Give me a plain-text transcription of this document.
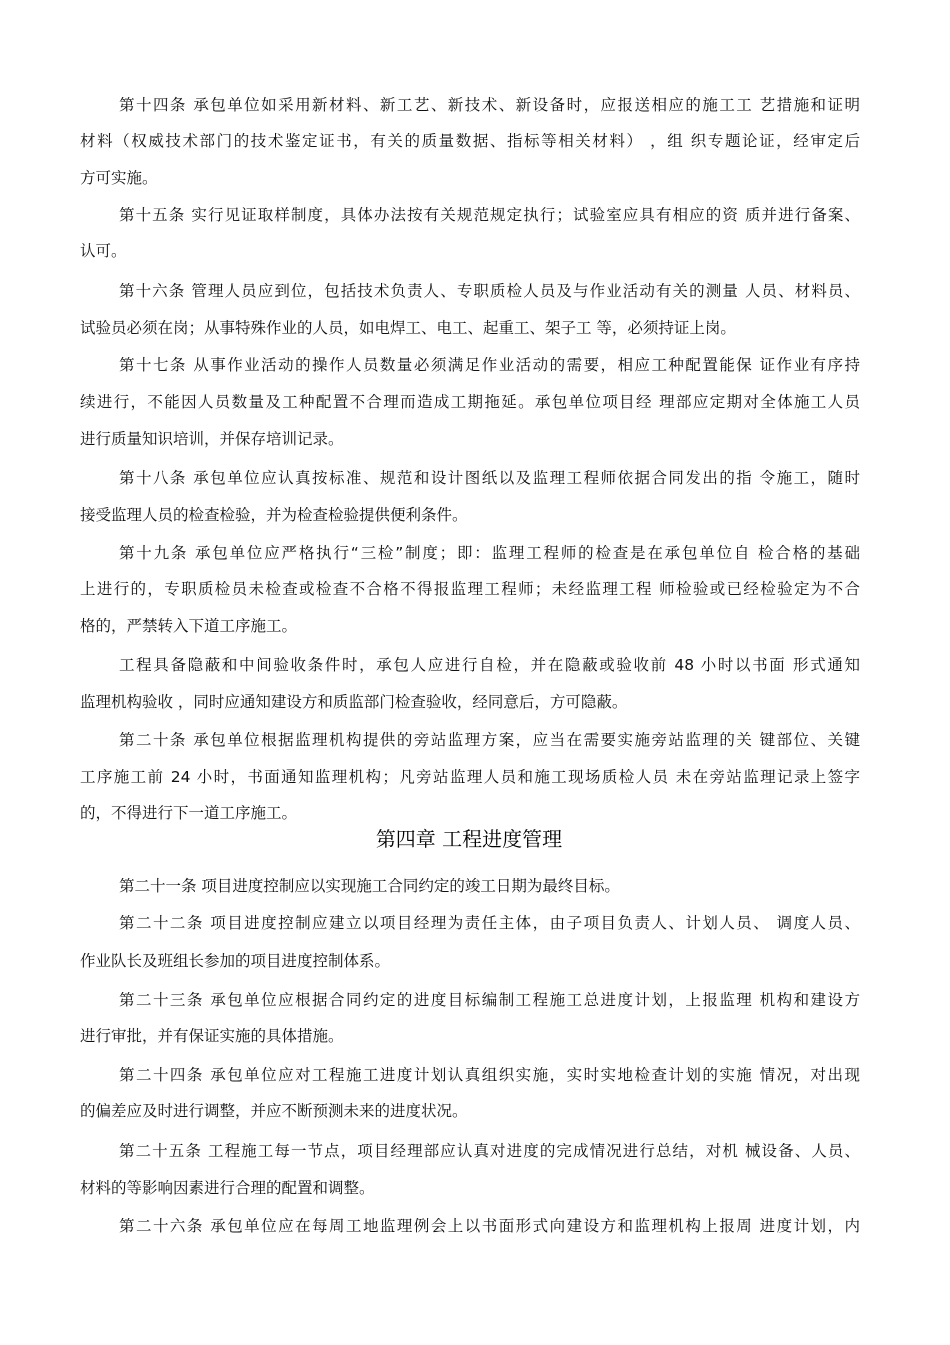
第十四条 承包单位如采用新材料、新工艺、新技术、新设备时，应报送相应的施工工 艺措施和证明
材料（权威技术部门的技术鉴定证书，有关的质量数据、指标等相关材料） ，组 织专题论证，经审定后
方可实施。
第十五条 实行见证取样制度，具体办法按有关规范规定执行；试验室应具有相应的资 质并进行备案、
认可。
第十六条 管理人员应到位，包括技术负责人、专职质检人员及与作业活动有关的测量 人员、材料员、
试验员必须在岗；从事特殊作业的人员，如电焊工、电工、起重工、架子工 等，必须持证上岗。
第十七条 从事作业活动的操作人员数量必须满足作业活动的需要，相应工种配置能保 证作业有序持
续进行，不能因人员数量及工种配置不合理而造成工期拖延。承包单位项目经 理部应定期对全体施工人员
进行质量知识培训，并保存培训记录。
第十八条 承包单位应认真按标准、规范和设计图纸以及监理工程师依据合同发出的指 令施工，随时
接受监理人员的检查检验，并为检查检验提供便利条件。
第十九条 承包单位应严格执行“三检”制度；即：监理工程师的检查是在承包单位自 检合格的基础
上进行的，专职质检员未检查或检查不合格不得报监理工程师；未经监理工程 师检验或已经检验定为不合
格的，严禁转入下道工序施工。
工程具备隐蔽和中间验收条件时，承包人应进行自检，并在隐蔽或验收前 48 小时以书面 形式通知
监理机构验收 ，同时应通知建设方和质监部门检查验收，经同意后，方可隐蔽。
第二十条 承包单位根据监理机构提供的旁站监理方案，应当在需要实施旁站监理的关 键部位、关键
工序施工前 24 小时，书面通知监理机构；凡旁站监理人员和施工现场质检人员 未在旁站监理记录上签字
的，不得进行下一道工序施工。
第四章 工程进度管理
第二十一条 项目进度控制应以实现施工合同约定的竣工日期为最终目标。
第二十二条 项目进度控制应建立以项目经理为责任主体，由子项目负责人、计划人员、 调度人员、
作业队长及班组长参加的项目进度控制体系。
第二十三条 承包单位应根据合同约定的进度目标编制工程施工总进度计划，上报监理 机构和建设方
进行审批，并有保证实施的具体措施。
第二十四条 承包单位应对工程施工进度计划认真组织实施，实时实地检查计划的实施 情况，对出现
的偏差应及时进行调整，并应不断预测未来的进度状况。
第二十五条 工程施工每一节点，项目经理部应认真对进度的完成情况进行总结，对机 械设备、人员、
材料的等影响因素进行合理的配置和调整。
第二十六条 承包单位应在每周工地监理例会上以书面形式向建设方和监理机构上报周 进度计划，内
